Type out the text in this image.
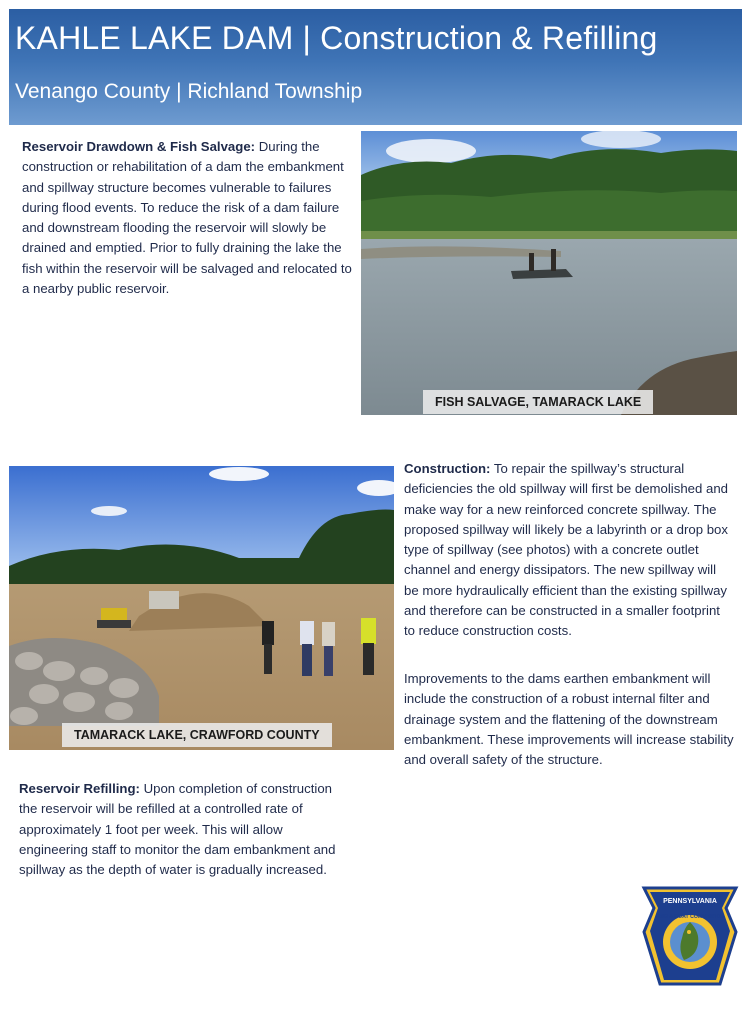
KAHLE LAKE DAM | Construction & Refilling
Venango County | Richland Township

Reservoir Drawdown & Fish Salvage: During the construction or rehabilitation of a dam the embankment and spillway structure becomes vulnerable to failures during flood events. To reduce the risk of a dam failure and downstream flooding the reservoir will slowly be drained and emptied. Prior to fully draining the lake the fish within the reservoir will be salvaged and relocated to a nearby public reservoir.

FISH SALVAGE, TAMARACK LAKE
TAMARACK LAKE, CRAWFORD COUNTY

Construction: To repair the spillway’s structural deficiencies the old spillway will first be demolished and make way for a new reinforced concrete spillway. The proposed spillway will likely be a labyrinth or a drop box type of spillway (see photos) with a concrete outlet channel and energy dissipators. The new spillway will be more hydraulically efficient than the existing spillway and therefore can be constructed in a smaller footprint to reduce construction costs.

Improvements to the dams earthen embankment will include the construction of a robust internal filter and drainage system and the flattening of the downstream embankment. These improvements will increase stability and overall safety of the structure.

Reservoir Refilling: Upon completion of construction the reservoir will be refilled at a controlled rate of approximately 1 foot per week. This will allow engineering staff to monitor the dam embankment and spillway as the depth of water is gradually increased.

PENNSYLVANIA
FISH & BOAT COMMISSION
